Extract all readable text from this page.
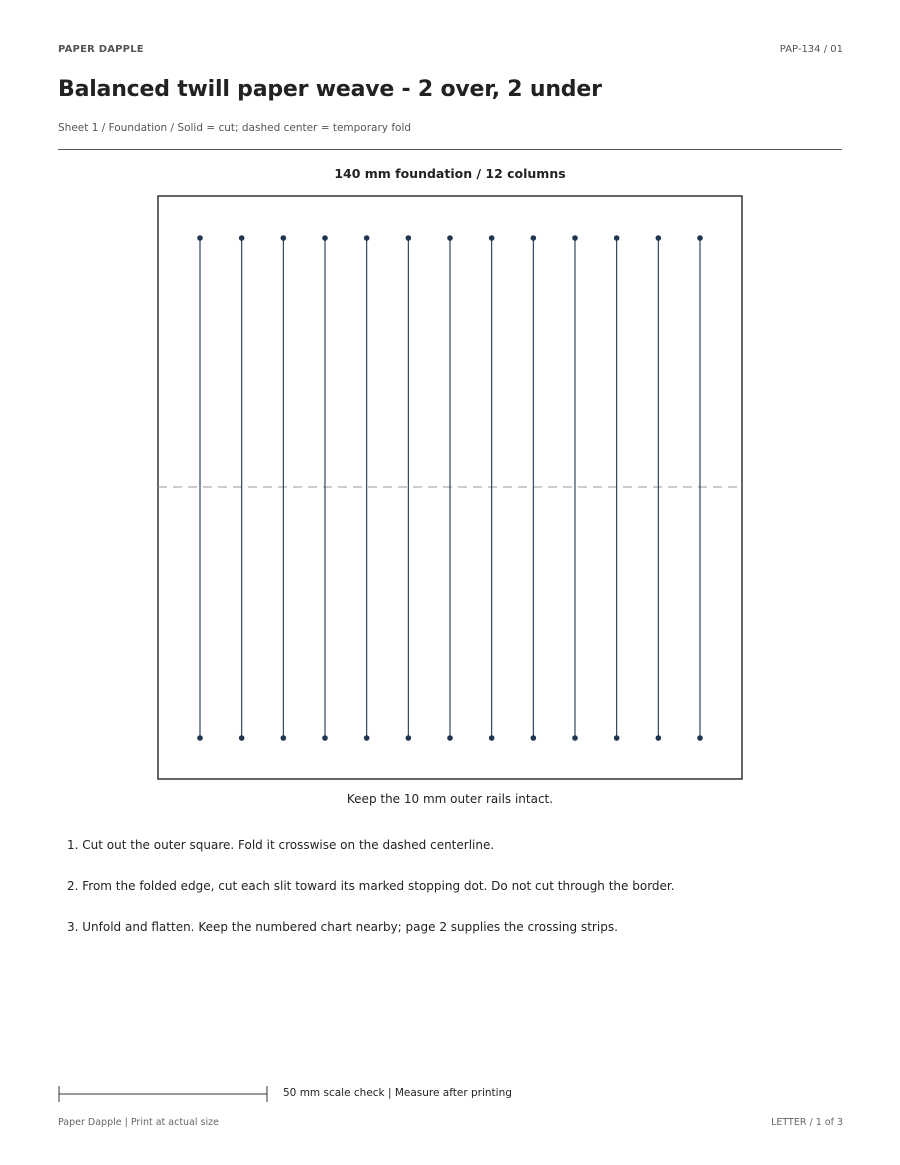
PAPER DAPPLE	PAP-134 / 01
Balanced twill paper weave - 2 over, 2 under
Sheet 1 / Foundation / Solid = cut; dashed center = temporary fold
140 mm foundation / 12 columns
Keep the 10 mm outer rails intact.
1. Cut out the outer square. Fold it crosswise on the dashed centerline.
2. From the folded edge, cut each slit toward its marked stopping dot. Do not cut through the border.
3. Unfold and flatten. Keep the numbered chart nearby; page 2 supplies the crossing strips.
50 mm scale check | Measure after printing
Paper Dapple | Print at actual size	LETTER / 1 of 3
